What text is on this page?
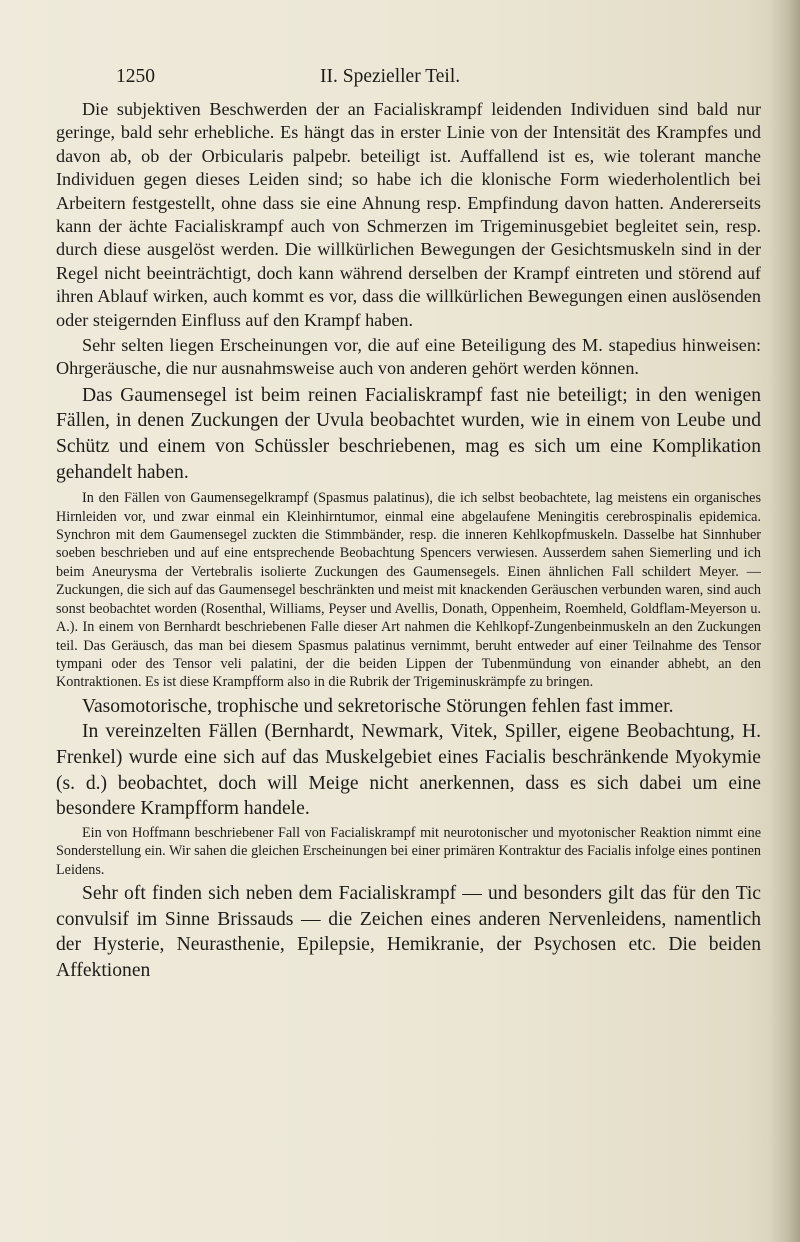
1250	II. Spezieller Teil.

Die subjektiven Beschwerden der an Facialiskrampf leidenden Individuen sind bald nur geringe, bald sehr erhebliche. Es hängt das in erster Linie von der Intensität des Krampfes und davon ab, ob der Orbicularis palpebr. beteiligt ist. Auffallend ist es, wie tolerant manche Individuen gegen dieses Leiden sind; so habe ich die klonische Form wiederholentlich bei Arbeitern festgestellt, ohne dass sie eine Ahnung resp. Empfindung davon hatten. Andererseits kann der ächte Facialiskrampf auch von Schmerzen im Trigeminusgebiet begleitet sein, resp. durch diese ausgelöst werden. Die willkürlichen Bewegungen der Gesichtsmuskeln sind in der Regel nicht beeinträchtigt, doch kann während derselben der Krampf eintreten und störend auf ihren Ablauf wirken, auch kommt es vor, dass die willkürlichen Bewegungen einen auslösenden oder steigernden Einfluss auf den Krampf haben.

Sehr selten liegen Erscheinungen vor, die auf eine Beteiligung des M. stapedius hinweisen: Ohrgeräusche, die nur ausnahmsweise auch von anderen gehört werden können.

Das Gaumensegel ist beim reinen Facialiskrampf fast nie beteiligt; in den wenigen Fällen, in denen Zuckungen der Uvula beobachtet wurden, wie in einem von Leube und Schütz und einem von Schüssler beschriebenen, mag es sich um eine Komplikation gehandelt haben.

In den Fällen von Gaumensegelkrampf (Spasmus palatinus), die ich selbst beobachtete, lag meistens ein organisches Hirnleiden vor, und zwar einmal ein Kleinhirntumor, einmal eine abgelaufene Meningitis cerebrospinalis epidemica. Synchron mit dem Gaumensegel zuckten die Stimmbänder, resp. die inneren Kehlkopfmuskeln. Dasselbe hat Sinnhuber soeben beschrieben und auf eine entsprechende Beobachtung Spencers verwiesen. Ausserdem sahen Siemerling und ich beim Aneurysma der Vertebralis isolierte Zuckungen des Gaumensegels. Einen ähnlichen Fall schildert Meyer. — Zuckungen, die sich auf das Gaumensegel beschränkten und meist mit knackenden Geräuschen verbunden waren, sind auch sonst beobachtet worden (Rosenthal, Williams, Peyser und Avellis, Donath, Oppenheim, Roemheld, Goldflam-Meyerson u. A.). In einem von Bernhardt beschriebenen Falle dieser Art nahmen die Kehlkopf-Zungenbeinmuskeln an den Zuckungen teil. Das Geräusch, das man bei diesem Spasmus palatinus vernimmt, beruht entweder auf einer Teilnahme des Tensor tympani oder des Tensor veli palatini, der die beiden Lippen der Tubenmündung von einander abhebt, an den Kontraktionen. Es ist diese Krampfform also in die Rubrik der Trigeminuskrämpfe zu bringen.

Vasomotorische, trophische und sekretorische Störungen fehlen fast immer.

In vereinzelten Fällen (Bernhardt, Newmark, Vitek, Spiller, eigene Beobachtung, H. Frenkel) wurde eine sich auf das Muskelgebiet eines Facialis beschränkende Myokymie (s. d.) beobachtet, doch will Meige nicht anerkennen, dass es sich dabei um eine besondere Krampfform handele.

Ein von Hoffmann beschriebener Fall von Facialiskrampf mit neurotonischer und myotonischer Reaktion nimmt eine Sonderstellung ein. Wir sahen die gleichen Erscheinungen bei einer primären Kontraktur des Facialis infolge eines pontinen Leidens.

Sehr oft finden sich neben dem Facialiskrampf — und besonders gilt das für den Tic convulsif im Sinne Brissauds — die Zeichen eines anderen Nervenleidens, namentlich der Hysterie, Neurasthenie, Epilepsie, Hemikranie, der Psychosen etc. Die beiden Affektionen
